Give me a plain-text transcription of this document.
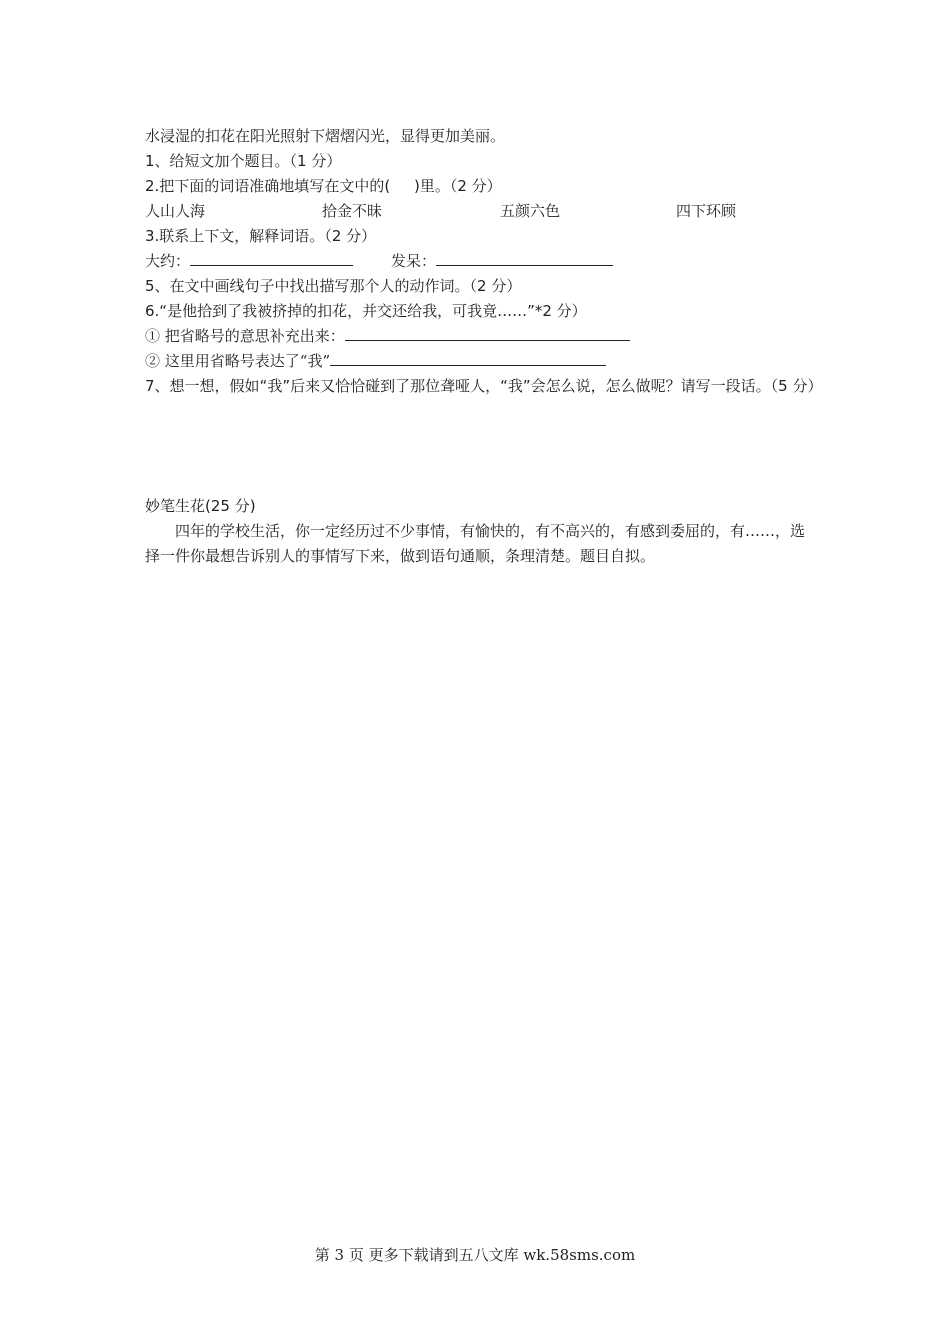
水浸湿的扣花在阳光照射下熠熠闪光，显得更加美丽。
1、给短文加个题目。（1 分）
2.把下面的词语准确地填写在文中的(     )里。（2 分）
人山人海	拾金不昧	五颜六色	四下环顾
3.联系上下文，解释词语。（2 分）
大约：	发呆：
5、在文中画线句子中找出描写那个人的动作词。（2 分）
6.“是他拾到了我被挤掉的扣花，并交还给我，可我竟……”*2 分）
① 把省略号的意思补充出来：
② 这里用省略号表达了“我”
7、想一想，假如“我”后来又恰恰碰到了那位聋哑人，“我”会怎么说，怎么做呢？请写一段话。（5 分）
妙笔生花(25 分)
四年的学校生活，你一定经历过不少事情，有愉快的，有不高兴的，有感到委屈的，有……，选择一件你最想告诉别人的事情写下来，做到语句通顺，条理清楚。题目自拟。
第 3 页 更多下载请到五八文库 wk.58sms.com
